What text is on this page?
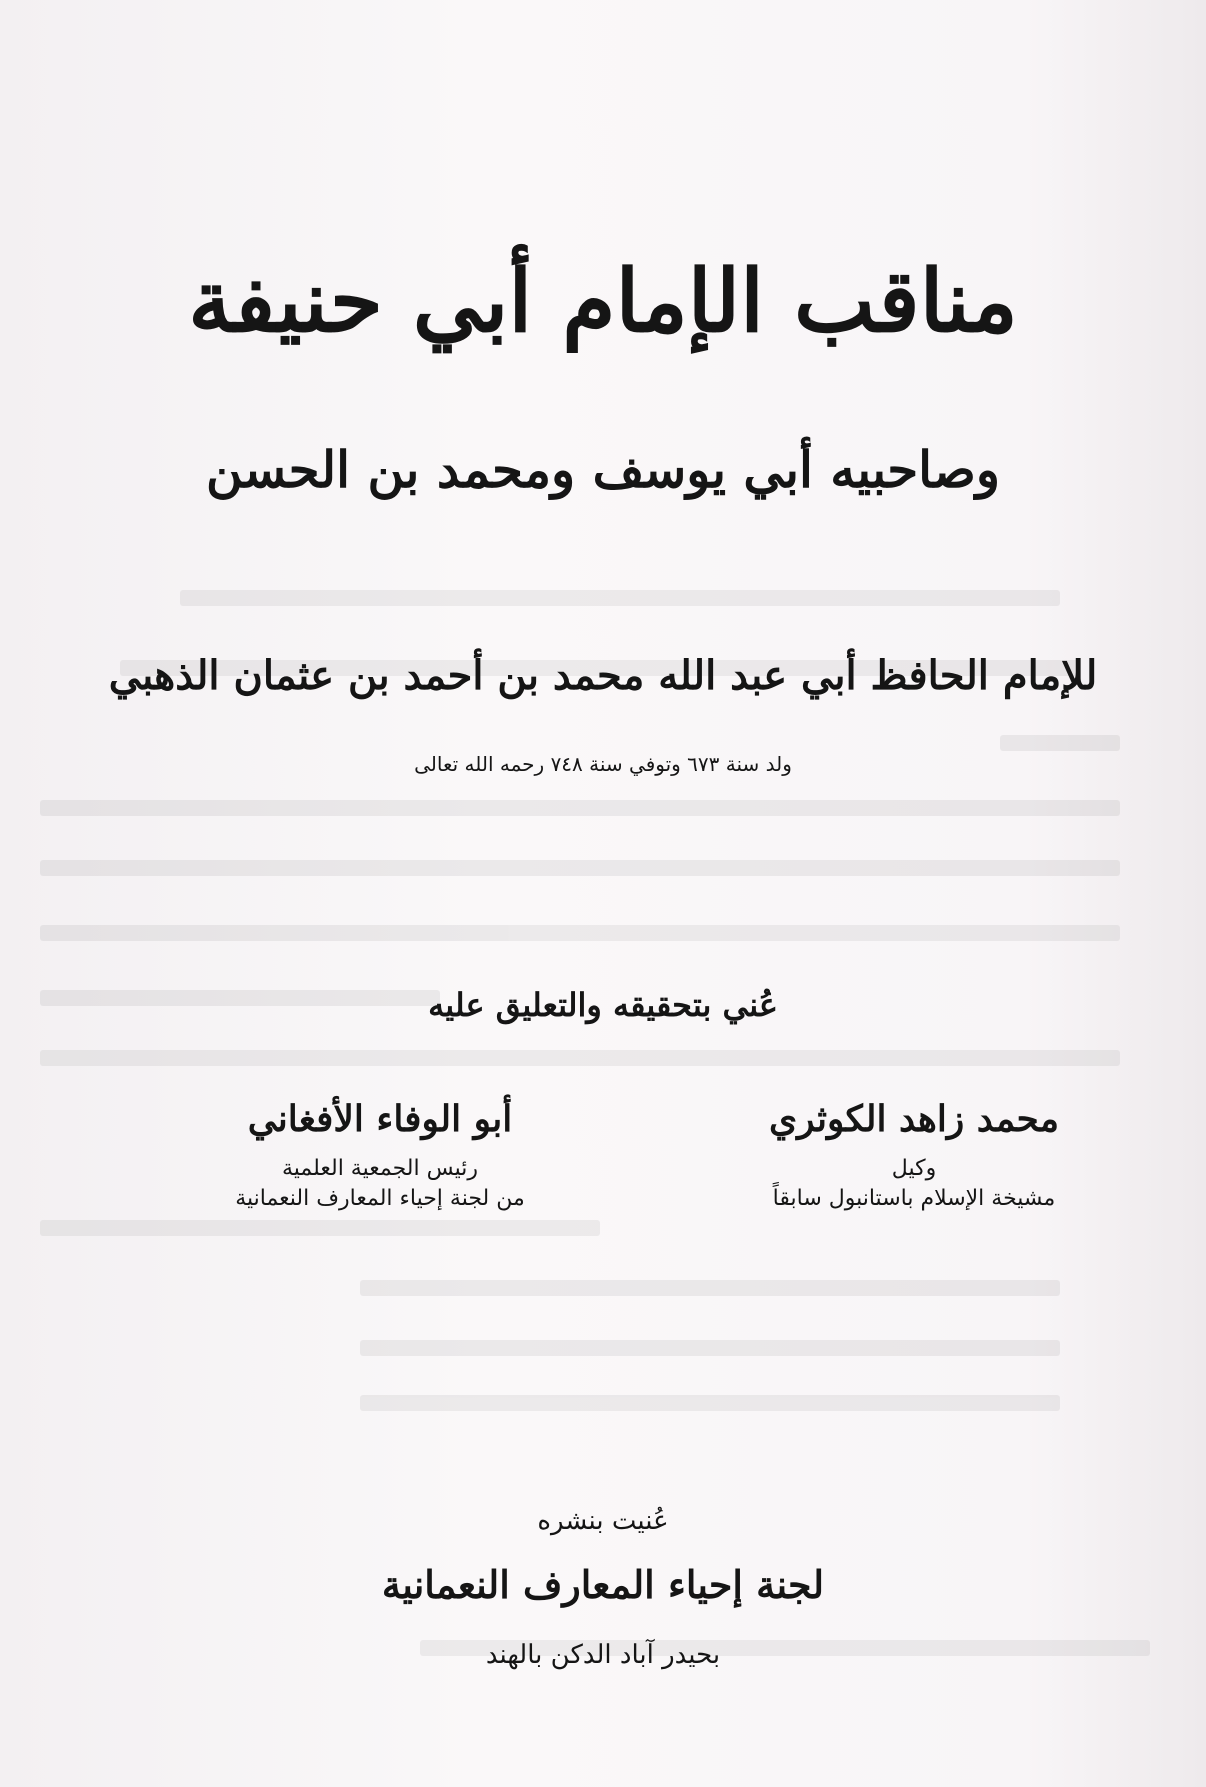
مناقب الإمام أبي حنيفة
وصاحبيه أبي يوسف ومحمد بن الحسن
للإمام الحافظ أبي عبد الله محمد بن أحمد بن عثمان الذهبي
ولد سنة ٦٧٣ وتوفي سنة ٧٤٨ رحمه الله تعالى
عُني بتحقيقه والتعليق عليه
محمد زاهد الكوثري
وكيل
مشيخة الإسلام باستانبول سابقاً
أبو الوفاء الأفغاني
رئيس الجمعية العلمية
من لجنة إحياء المعارف النعمانية
عُنيت بنشره
لجنة إحياء المعارف النعمانية
بحيدر آباد الدكن بالهند
